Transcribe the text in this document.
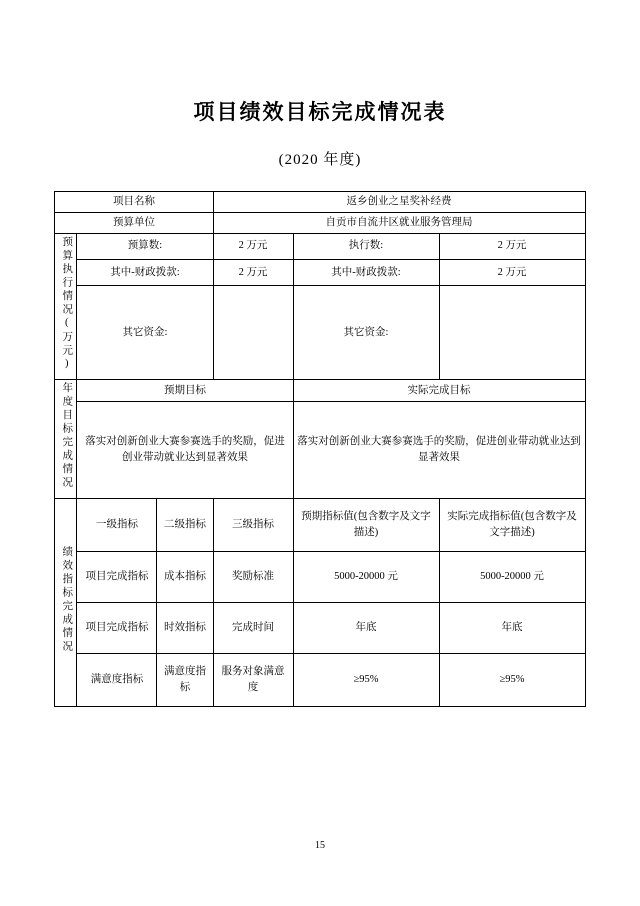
项目绩效目标完成情况表
(2020 年度)
项目名称			返乡创业之星奖补经费		
预算单位			自贡市自流井区就业服务管理局		
预算执行情况(万元)	预算数:		2 万元	执行数:	2 万元
	其中-财政拨款:		2 万元	其中-财政拨款:	2 万元
	其它资金:			其它资金:	
年度目标完成情况	预期目标			实际完成目标	
	落实对创新创业大赛参赛选手的奖励，促进创业带动就业达到显著效果			落实对创新创业大赛参赛选手的奖励，促进创业带动就业达到显著效果	
绩效指标完成情况	一级指标	二级指标	三级指标	预期指标值(包含数字及文字描述)	实际完成指标值(包含数字及文字描述)
	项目完成指标	成本指标	奖励标准	5000-20000 元	5000-20000 元
	项目完成指标	时效指标	完成时间	年底	年底
	满意度指标	满意度指标	服务对象满意度	≥95%	≥95%
15
